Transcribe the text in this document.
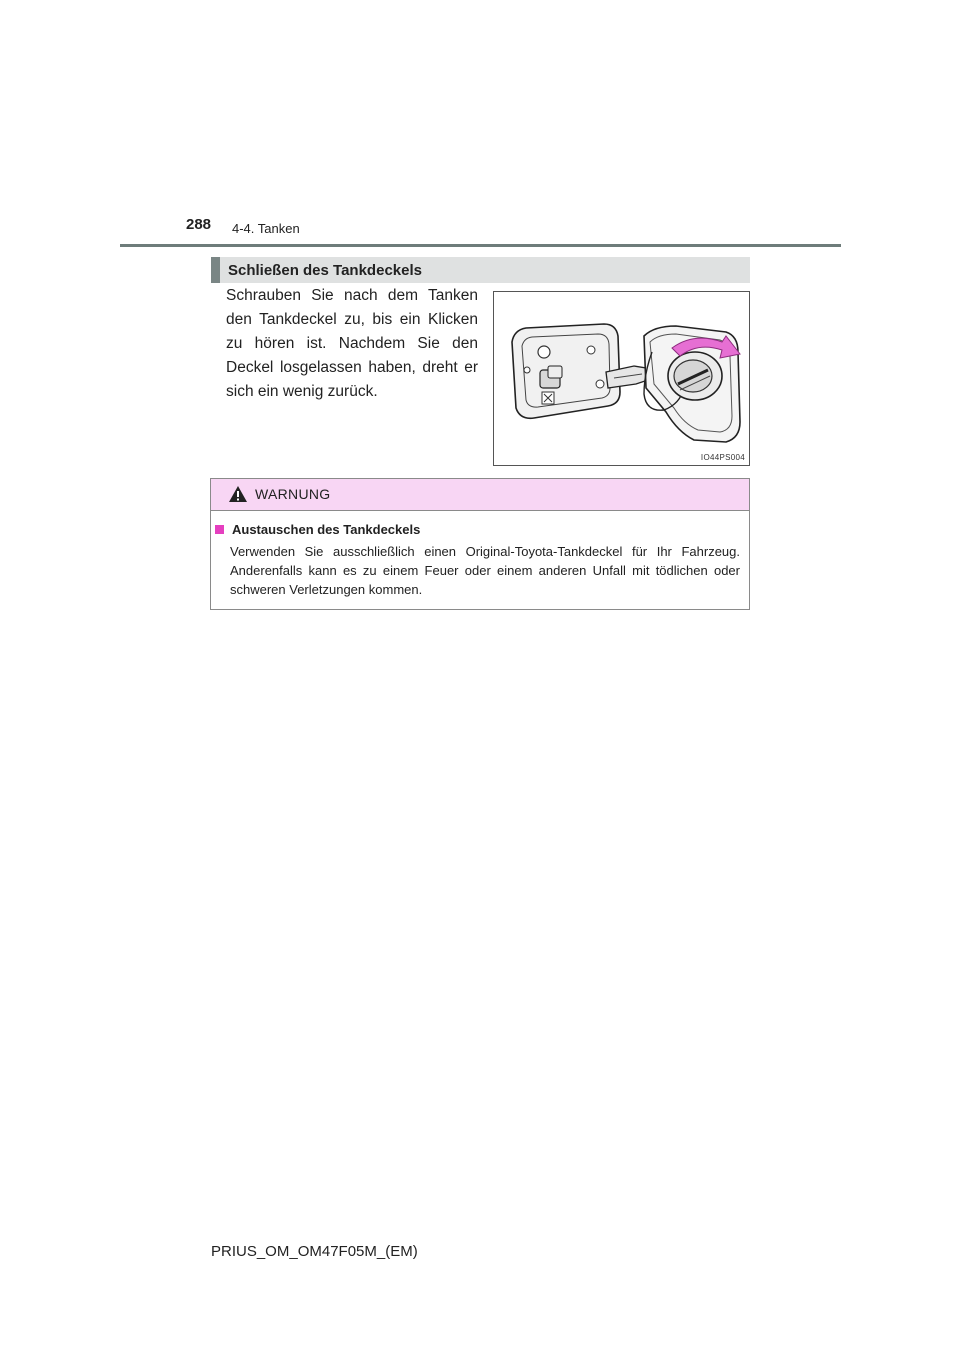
288 4-4. Tanken
Schließen des Tankdeckels
Schrauben Sie nach dem Tanken den Tankdeckel zu, bis ein Klicken zu hören ist. Nachdem Sie den Deckel losgelassen haben, dreht er sich ein wenig zurück.
IO44PS004
WARNUNG
Austauschen des Tankdeckels
Verwenden Sie ausschließlich einen Original-Toyota-Tankdeckel für Ihr Fahrzeug. Anderenfalls kann es zu einem Feuer oder einem anderen Unfall mit tödlichen oder schweren Verletzungen kommen.
PRIUS_OM_OM47F05M_(EM)
